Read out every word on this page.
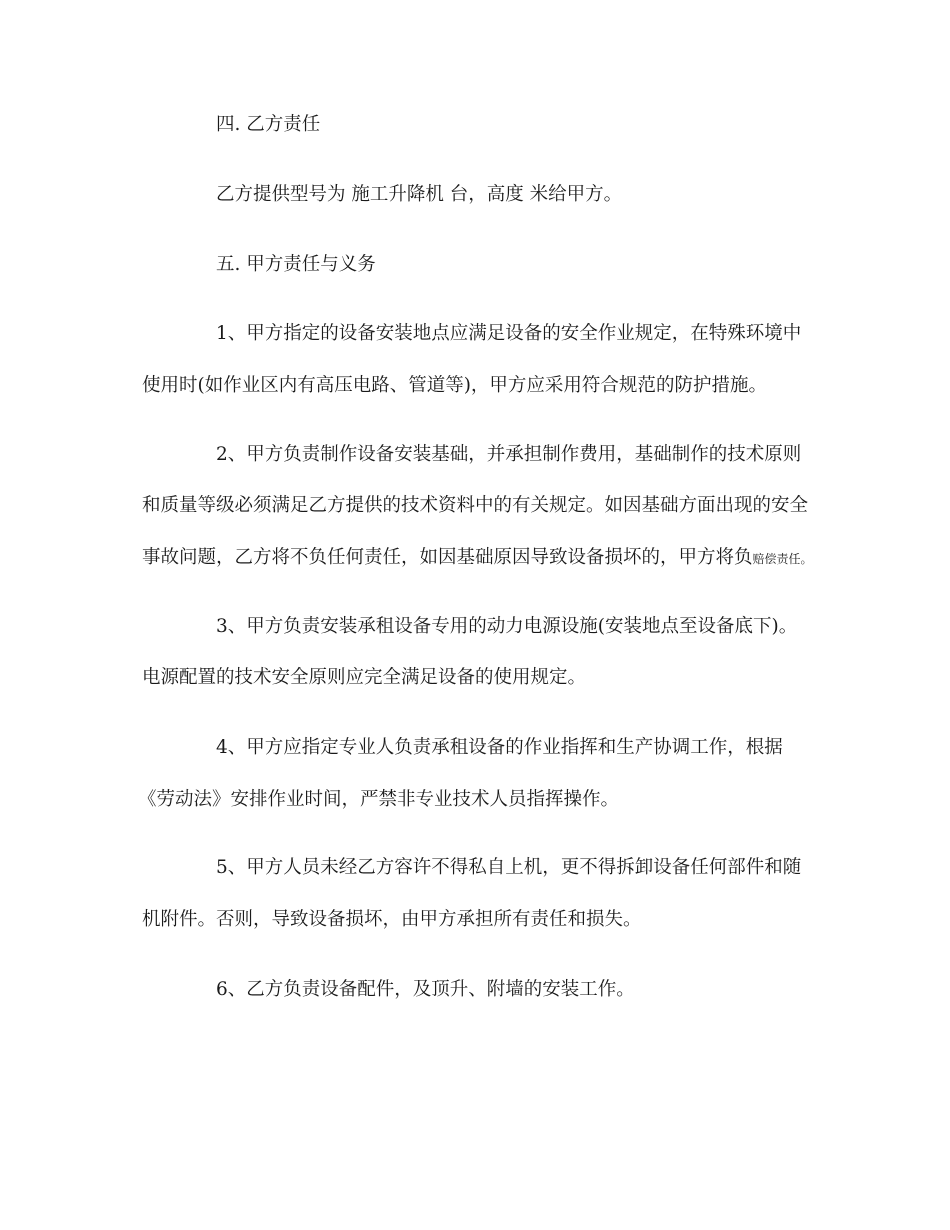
四. 乙方责任
乙方提供型号为 施工升降机 台，高度 米给甲方。
五. 甲方责任与义务
1、甲方指定的设备安装地点应满足设备的安全作业规定，在特殊环境中
使用时(如作业区内有高压电路、管道等)，甲方应采用符合规范的防护措施。
2、甲方负责制作设备安装基础，并承担制作费用，基础制作的技术原则
和质量等级必须满足乙方提供的技术资料中的有关规定。如因基础方面出现的安全
事故问题，乙方将不负任何责任，如因基础原因导致设备损坏的，甲方将负赔偿责任。
3、甲方负责安装承租设备专用的动力电源设施(安装地点至设备底下)。
电源配置的技术安全原则应完全满足设备的使用规定。
4、甲方应指定专业人负责承租设备的作业指挥和生产协调工作，根据
《劳动法》安排作业时间，严禁非专业技术人员指挥操作。
5、甲方人员未经乙方容许不得私自上机，更不得拆卸设备任何部件和随
机附件。否则，导致设备损坏，由甲方承担所有责任和损失。
6、乙方负责设备配件，及顶升、附墙的安装工作。
